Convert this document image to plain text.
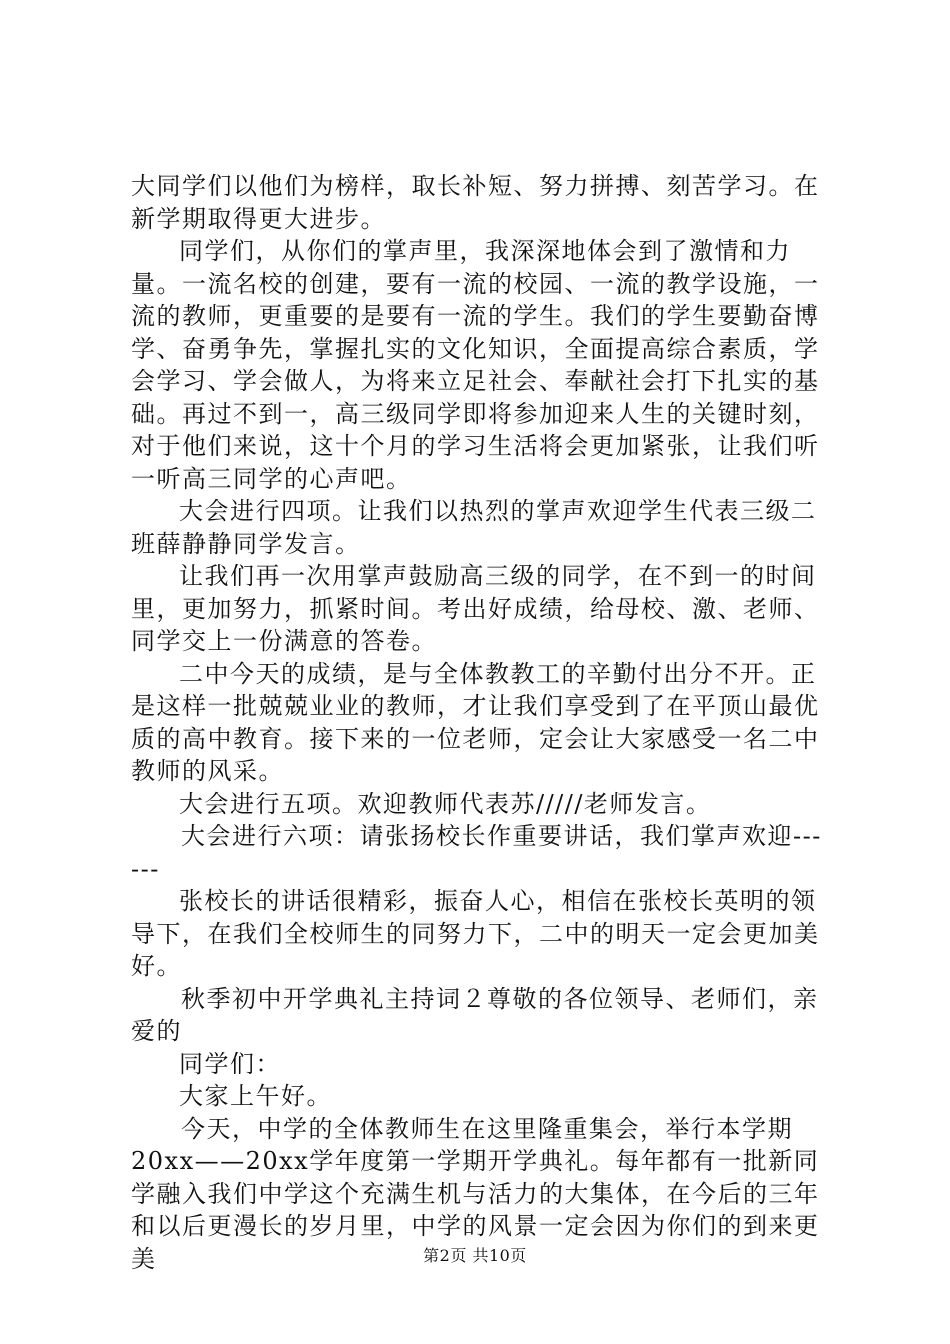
大同学们以他们为榜样，取长补短、努力拼搏、刻苦学习。在新学期取得更大进步。

同学们，从你们的掌声里，我深深地体会到了激情和力量。一流名校的创建，要有一流的校园、一流的教学设施，一流的教师，更重要的是要有一流的学生。我们的学生要勤奋博学、奋勇争先，掌握扎实的文化知识，全面提高综合素质，学会学习、学会做人，为将来立足社会、奉献社会打下扎实的基础。再过不到一，高三级同学即将参加迎来人生的关键时刻，对于他们来说，这十个月的学习生活将会更加紧张，让我们听一听高三同学的心声吧。

大会进行四项。让我们以热烈的掌声欢迎学生代表三级二班薛静静同学发言。

让我们再一次用掌声鼓励高三级的同学，在不到一的时间里，更加努力，抓紧时间。考出好成绩，给母校、激、老师、同学交上一份满意的答卷。

二中今天的成绩，是与全体教教工的辛勤付出分不开。正是这样一批兢兢业业的教师，才让我们享受到了在平顶山最优质的高中教育。接下来的一位老师，定会让大家感受一名二中教师的风采。

大会进行五项。欢迎教师代表苏/////老师发言。

大会进行六项：请张扬校长作重要讲话，我们掌声欢迎------

张校长的讲话很精彩，振奋人心，相信在张校长英明的领导下，在我们全校师生的同努力下，二中的明天一定会更加美好。

秋季初中开学典礼主持词２尊敬的各位领导、老师们，亲爱的

同学们：

大家上午好。

今天，中学的全体教师生在这里隆重集会，举行本学期20xx——20xx学年度第一学期开学典礼。每年都有一批新同学融入我们中学这个充满生机与活力的大集体，在今后的三年和以后更漫长的岁月里，中学的风景一定会因为你们的到来更美	第2页 共10页
